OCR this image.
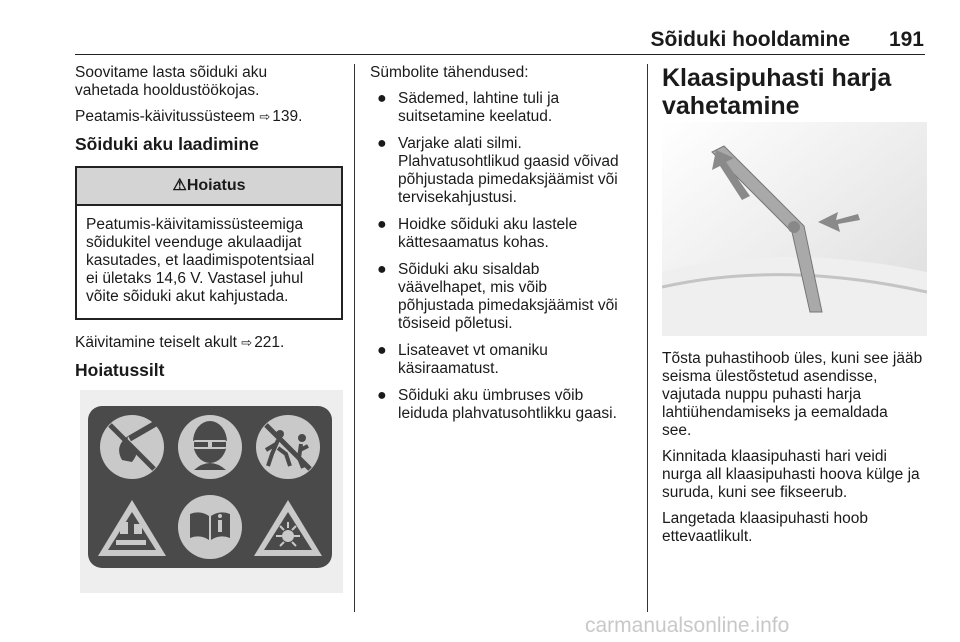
Sõiduki hooldamine 191

Soovitame lasta sõiduki aku
vahetada hooldustöökojas.

Peatamis-käivitussüsteem ⇨ 139.

Sõiduki aku laadimine
⚠ Hoiatus

Peatumis-käivitamissüsteemiga
sõidukitel veenduge akulaadijat
kasutades, et laadimispotentsiaal
ei ületaks 14,6 V. Vastasel juhul
võite sõiduki akut kahjustada.

Käivitamine teiselt akult ⇨ 221.

Hoiatussilt

Sümbolite tähendused:

● Sädemed, lahtine tuli ja
suitsetamine keelatud.
● Varjake alati silmi.
Plahvatusohtlikud gaasid võivad
põhjustada pimedaksjäämist või
tervisekahjustusi.
● Hoidke sõiduki aku lastele
kättesaamatus kohas.
● Sõiduki aku sisaldab
väävelhapet, mis võib
põhjustada pimedaksjäämist või
tõsiseid põletusi.
● Lisateavet vt omaniku
käsiraamatust.
● Sõiduki aku ümbruses võib
leiduda plahvatusohtlikku gaasi.
Klaasipuhasti harja
vahetamine

Tõsta puhastihoob üles, kuni see jääb
seisma ülestõstetud asendisse,
vajutada nuppu puhasti harja
lahtiühendamiseks ja eemaldada
see.

Kinnitada klaasipuhasti hari veidi
nurga all klaasipuhasti hoova külge ja
suruda, kuni see fikseerub.

Langetada klaasipuhasti hoob
ettevaatlikult.

carmanualsonline.info
